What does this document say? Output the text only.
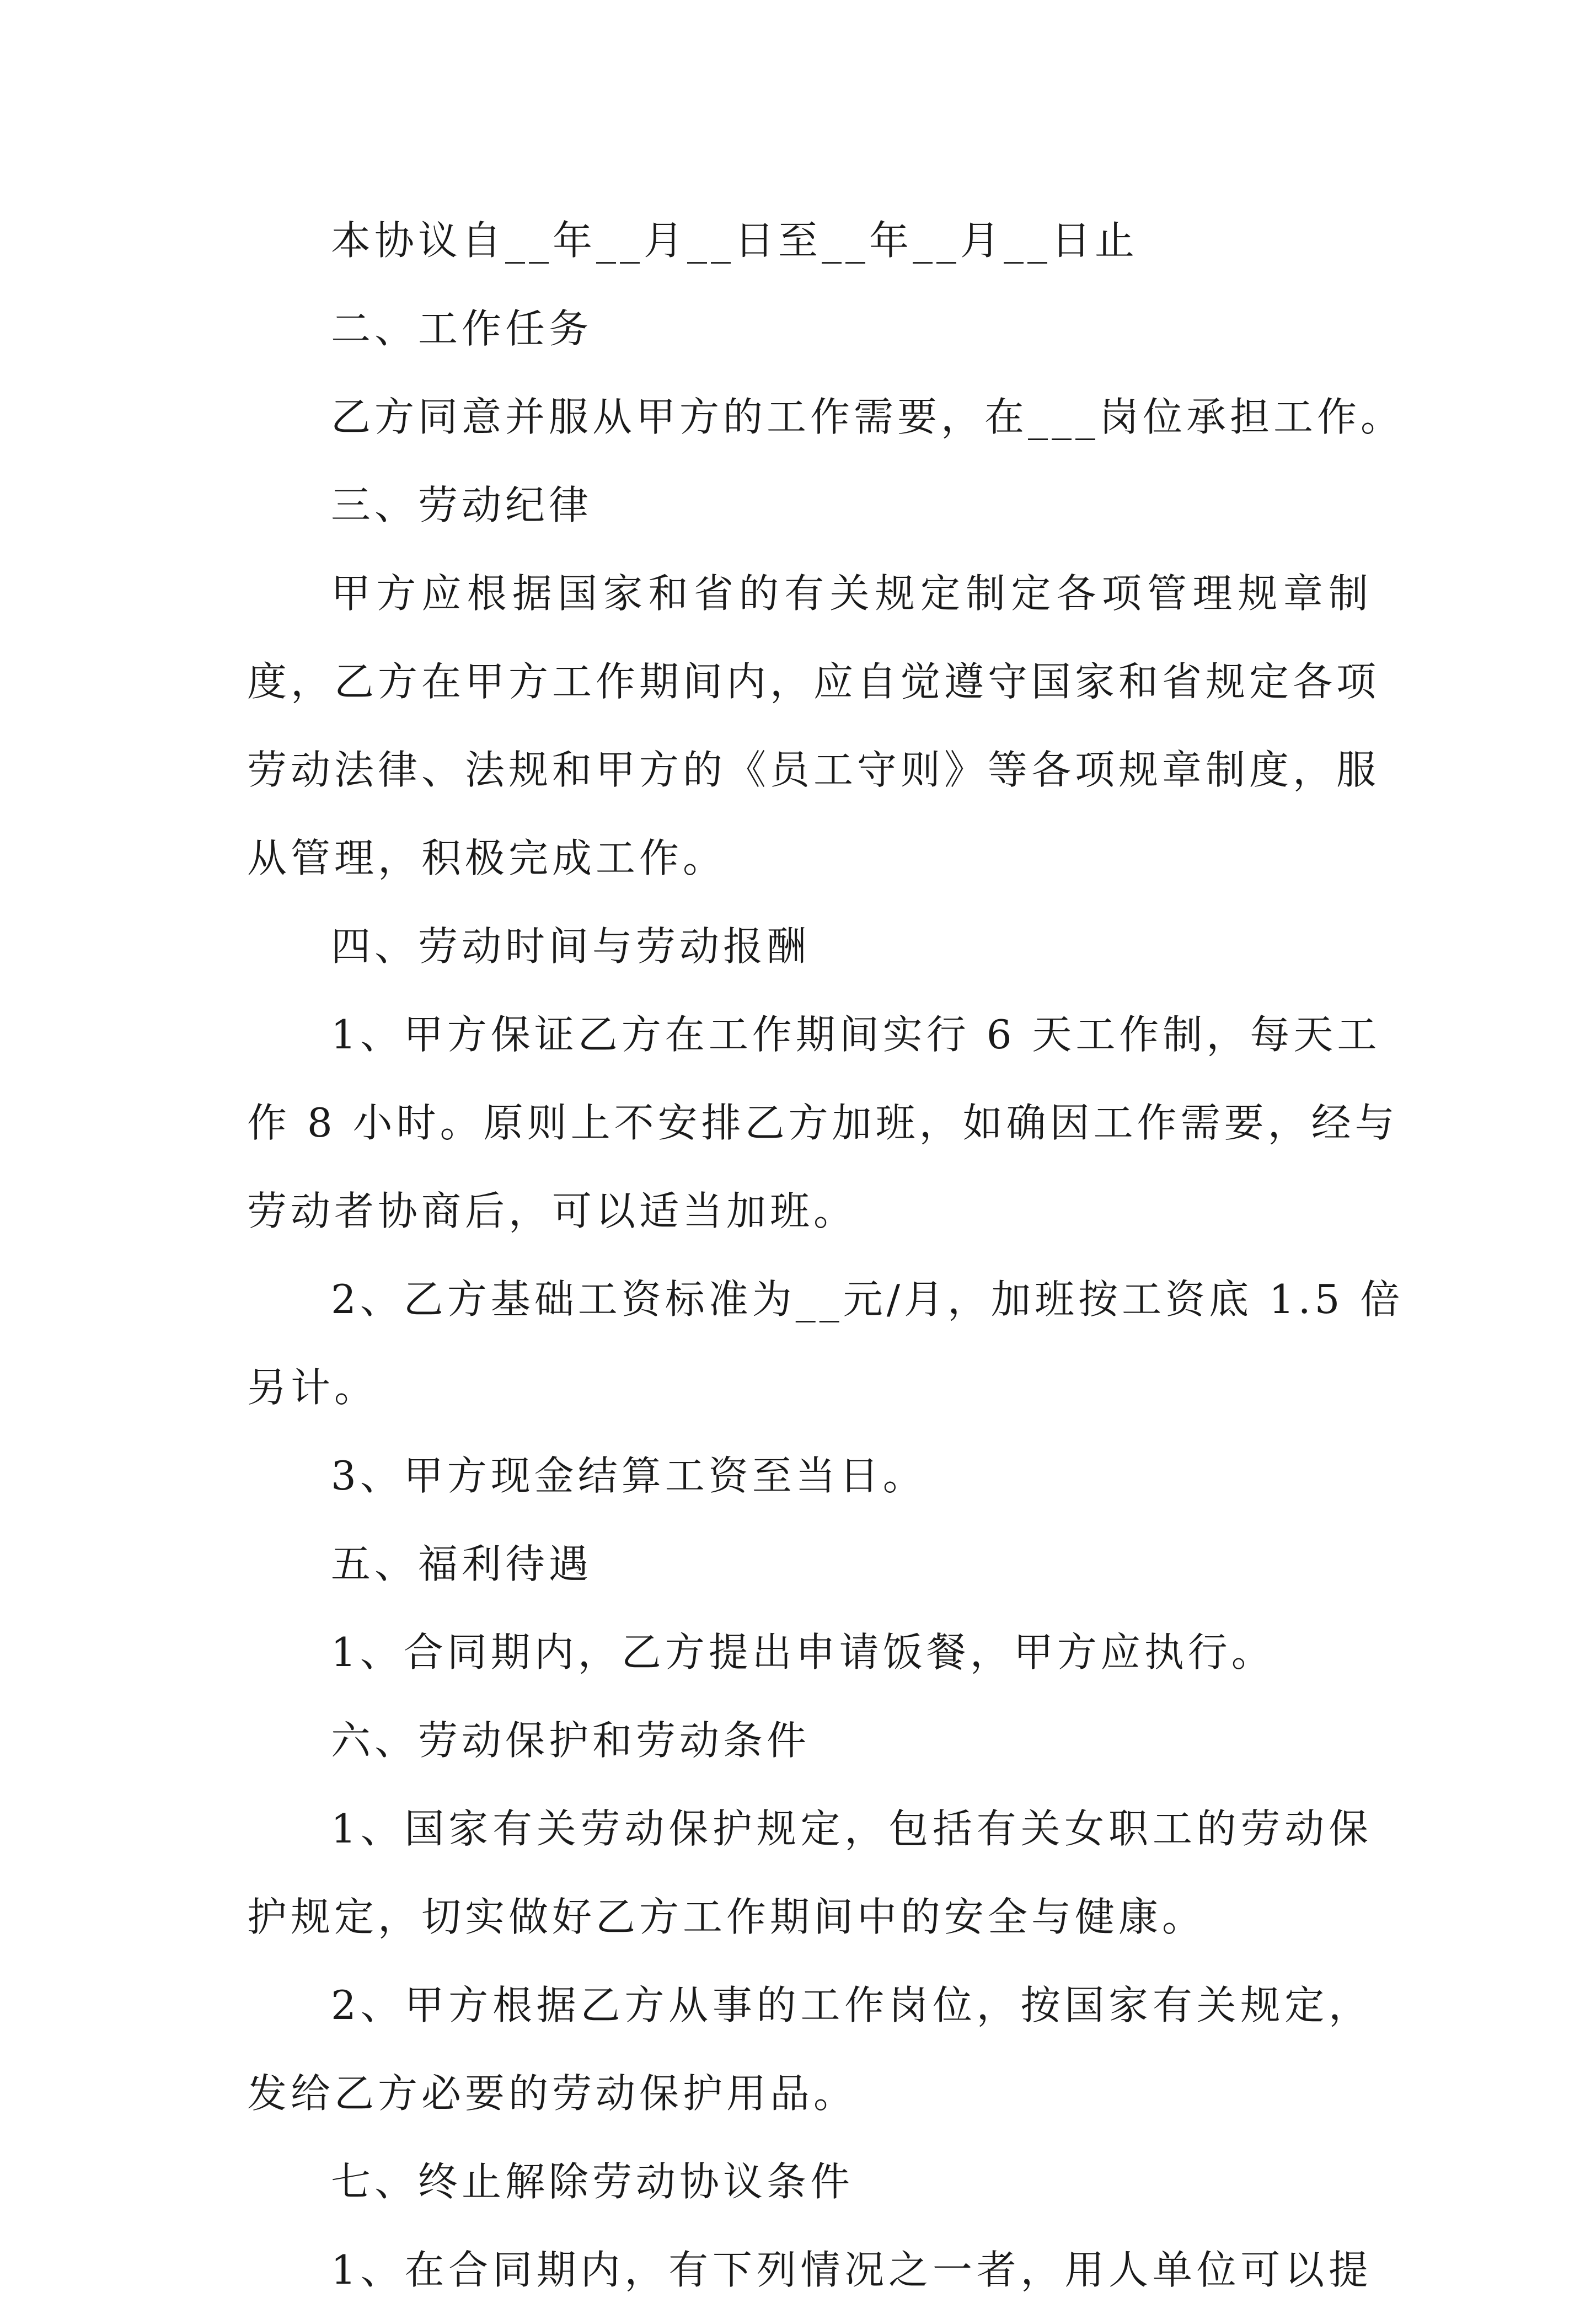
本协议自__年__月__日至__年__月__日止
二、工作任务
乙方同意并服从甲方的工作需要，在___岗位承担工作。
三、劳动纪律
甲方应根据国家和省的有关规定制定各项管理规章制
度，乙方在甲方工作期间内，应自觉遵守国家和省规定各项
劳动法律、法规和甲方的《员工守则》等各项规章制度，服
从管理，积极完成工作。
四、劳动时间与劳动报酬
1、甲方保证乙方在工作期间实行 6 天工作制，每天工
作 8 小时。原则上不安排乙方加班，如确因工作需要，经与
劳动者协商后，可以适当加班。
2、乙方基础工资标准为__元/月，加班按工资底 1.5 倍
另计。
3、甲方现金结算工资至当日。
五、福利待遇
1、合同期内，乙方提出申请饭餐，甲方应执行。
六、劳动保护和劳动条件
1、国家有关劳动保护规定，包括有关女职工的劳动保
护规定，切实做好乙方工作期间中的安全与健康。
2、甲方根据乙方从事的工作岗位，按国家有关规定，
发给乙方必要的劳动保护用品。
七、终止解除劳动协议条件
1、在合同期内，有下列情况之一者，用人单位可以提
